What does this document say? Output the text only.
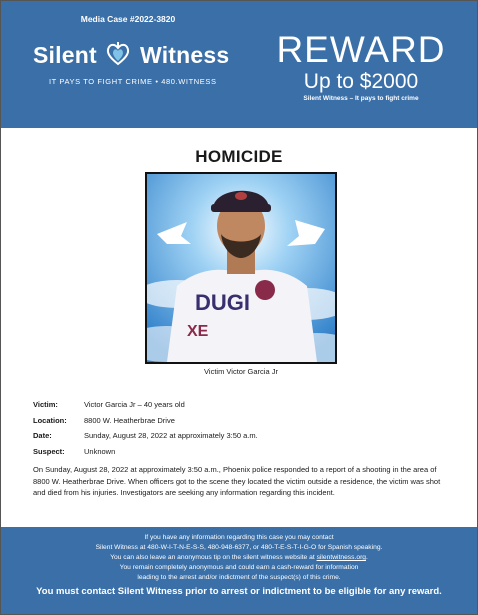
Media Case #2022-3820
Silent Witness
IT PAYS TO FIGHT CRIME • 480.WITNESS
REWARD
Up to $2000
Silent Witness – It pays to fight crime
HOMICIDE
DUGI
XE
Victim Victor Garcia Jr
Victim:	Victor Garcia Jr – 40 years old
Location: 8800 W. Heatherbrae Drive
Date:	Sunday, August 28, 2022 at approximately 3:50 a.m.
Suspect:	Unknown
On Sunday, August 28, 2022 at approximately 3:50 a.m., Phoenix police responded to a report of a shooting in the area of 8800 W. Heatherbrae Drive. When officers got to the scene they located the victim outside a residence, the victim was shot and died from his injuries. Investigators are seeking any information regarding this incident.
If you have any information regarding this case you may contact
Silent Witness at 480-W-I-T-N-E-S-S, 480-948-6377, or 480-T-E-S-T-I-G-O for Spanish speaking.
You can also leave an anonymous tip on the silent witness website at silentwitness.org.
You remain completely anonymous and could earn a cash-reward for information
leading to the arrest and/or indictment of the suspect(s) of this crime.
You must contact Silent Witness prior to arrest or indictment to be eligible for any reward.
